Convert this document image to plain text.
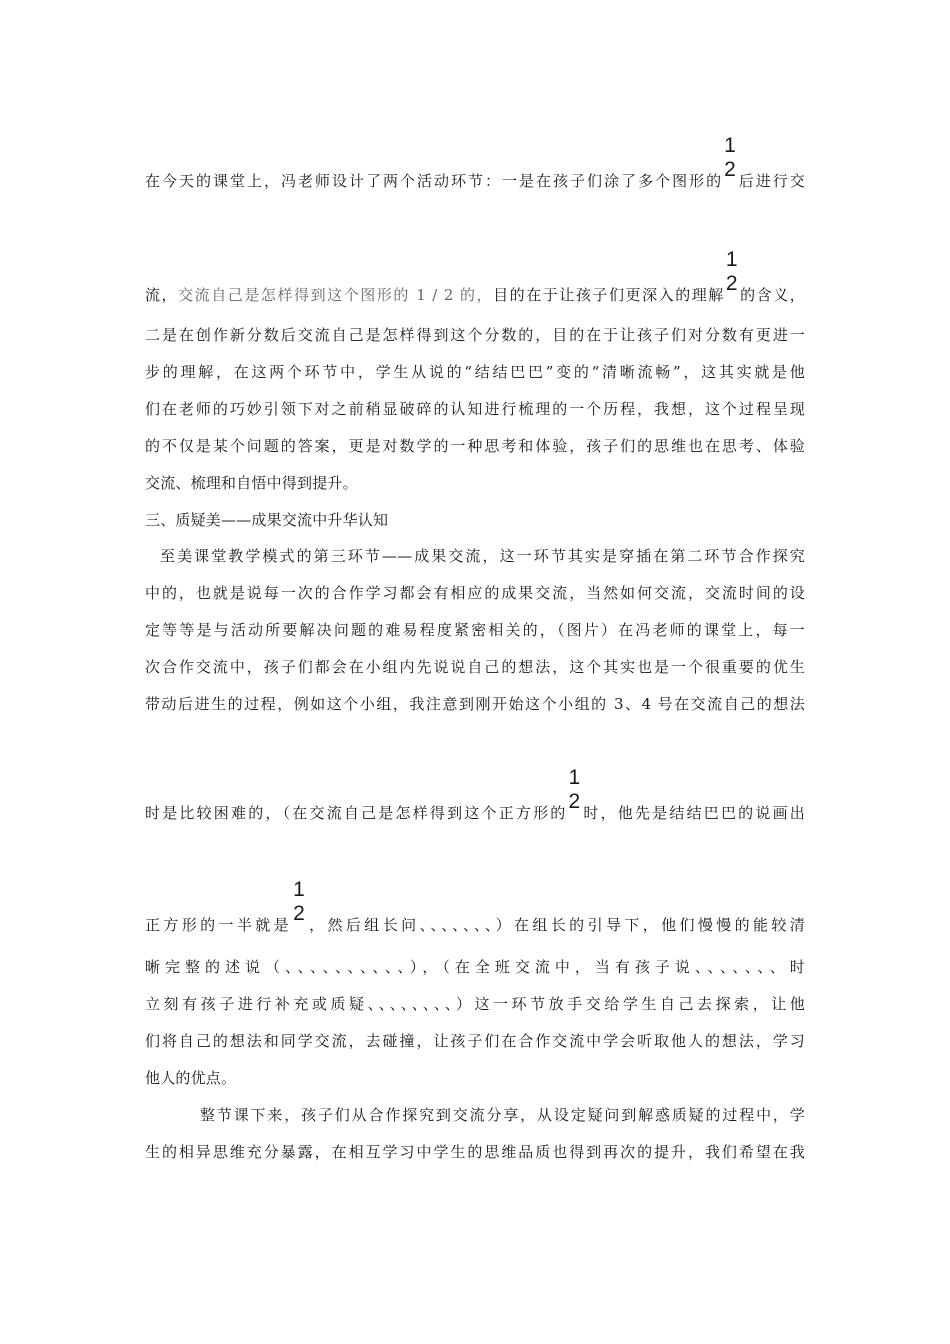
在今天的课堂上，冯老师设计了两个活动环节：一是在孩子们涂了多个图形的
1
2 后进行交
流，交流自己是怎样得到这个图形的 1 / 2 的，目的在于让孩子们更深入的理解
1
2 的含义，
二是在创作新分数后交流自己是怎样得到这个分数的，目的在于让孩子们对分数有更进一
步的理解，在这两个环节中，学生从说的“结结巴巴”变的“清晰流畅”，这其实就是他
们在老师的巧妙引领下对之前稍显破碎的认知进行梳理的一个历程，我想，这个过程呈现
的不仅是某个问题的答案，更是对数学的一种思考和体验，孩子们的思维也在思考、体验
交流、梳理和自悟中得到提升。
三、质疑美——成果交流中升华认知
至美课堂教学模式的第三环节——成果交流，这一环节其实是穿插在第二环节合作探究
中的，也就是说每一次的合作学习都会有相应的成果交流，当然如何交流，交流时间的设
定等等是与活动所要解决问题的难易程度紧密相关的，（图片）在冯老师的课堂上，每一
次合作交流中，孩子们都会在小组内先说说自己的想法，这个其实也是一个很重要的优生
带动后进生的过程，例如这个小组，我注意到刚开始这个小组的 3、4 号在交流自己的想法
时是比较困难的，（在交流自己是怎样得到这个正方形的
1
2 时，他先是结结巴巴的说画出
正方形的一半就是
1
2 ，然后组长问、、、、、、、）在组长的引导下，他们慢慢的能较清
晰完整的述说（、、、、、、、、、、），（在全班交流中，当有孩子说、、、、、、、时
立刻有孩子进行补充或质疑、、、、、、、、）这一环节放手交给学生自己去探索，让他
们将自己的想法和同学交流，去碰撞，让孩子们在合作交流中学会听取他人的想法，学习
他人的优点。
整节课下来，孩子们从合作探究到交流分享，从设定疑问到解惑质疑的过程中，学
生的相异思维充分暴露，在相互学习中学生的思维品质也得到再次的提升，我们希望在我
